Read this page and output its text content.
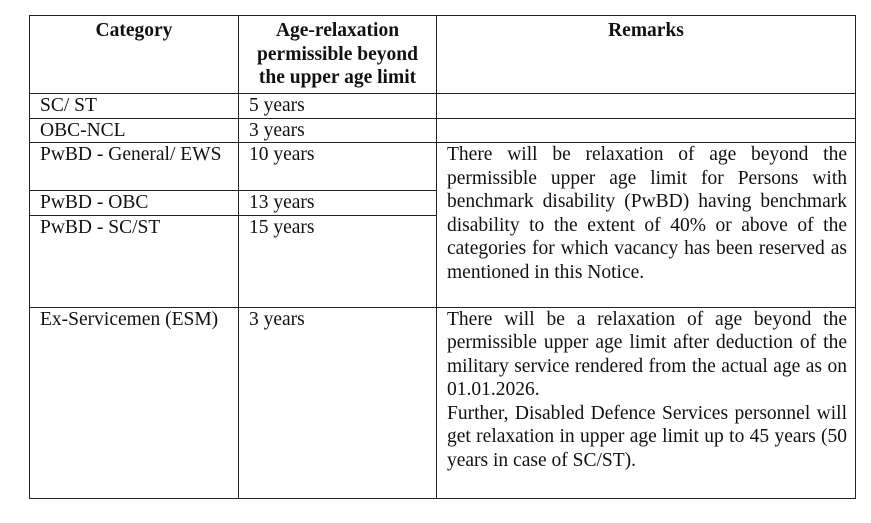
Category	Age-relaxation permissible beyond the upper age limit	Remarks
SC/ ST	5 years	
OBC-NCL	3 years	
PwBD - General/ EWS	10 years	There will be relaxation of age beyond the permissible upper age limit for Persons with benchmark disability (PwBD) having benchmark disability to the extent of 40% or above of the categories for which vacancy has been reserved as mentioned in this Notice.
PwBD - OBC	13 years	
PwBD - SC/ST	15 years	
Ex-Servicemen (ESM)	3 years	There will be a relaxation of age beyond the permissible upper age limit after deduction of the military service rendered from the actual age as on 01.01.2026.
Further, Disabled Defence Services personnel will get relaxation in upper age limit up to 45 years (50 years in case of SC/ST).
